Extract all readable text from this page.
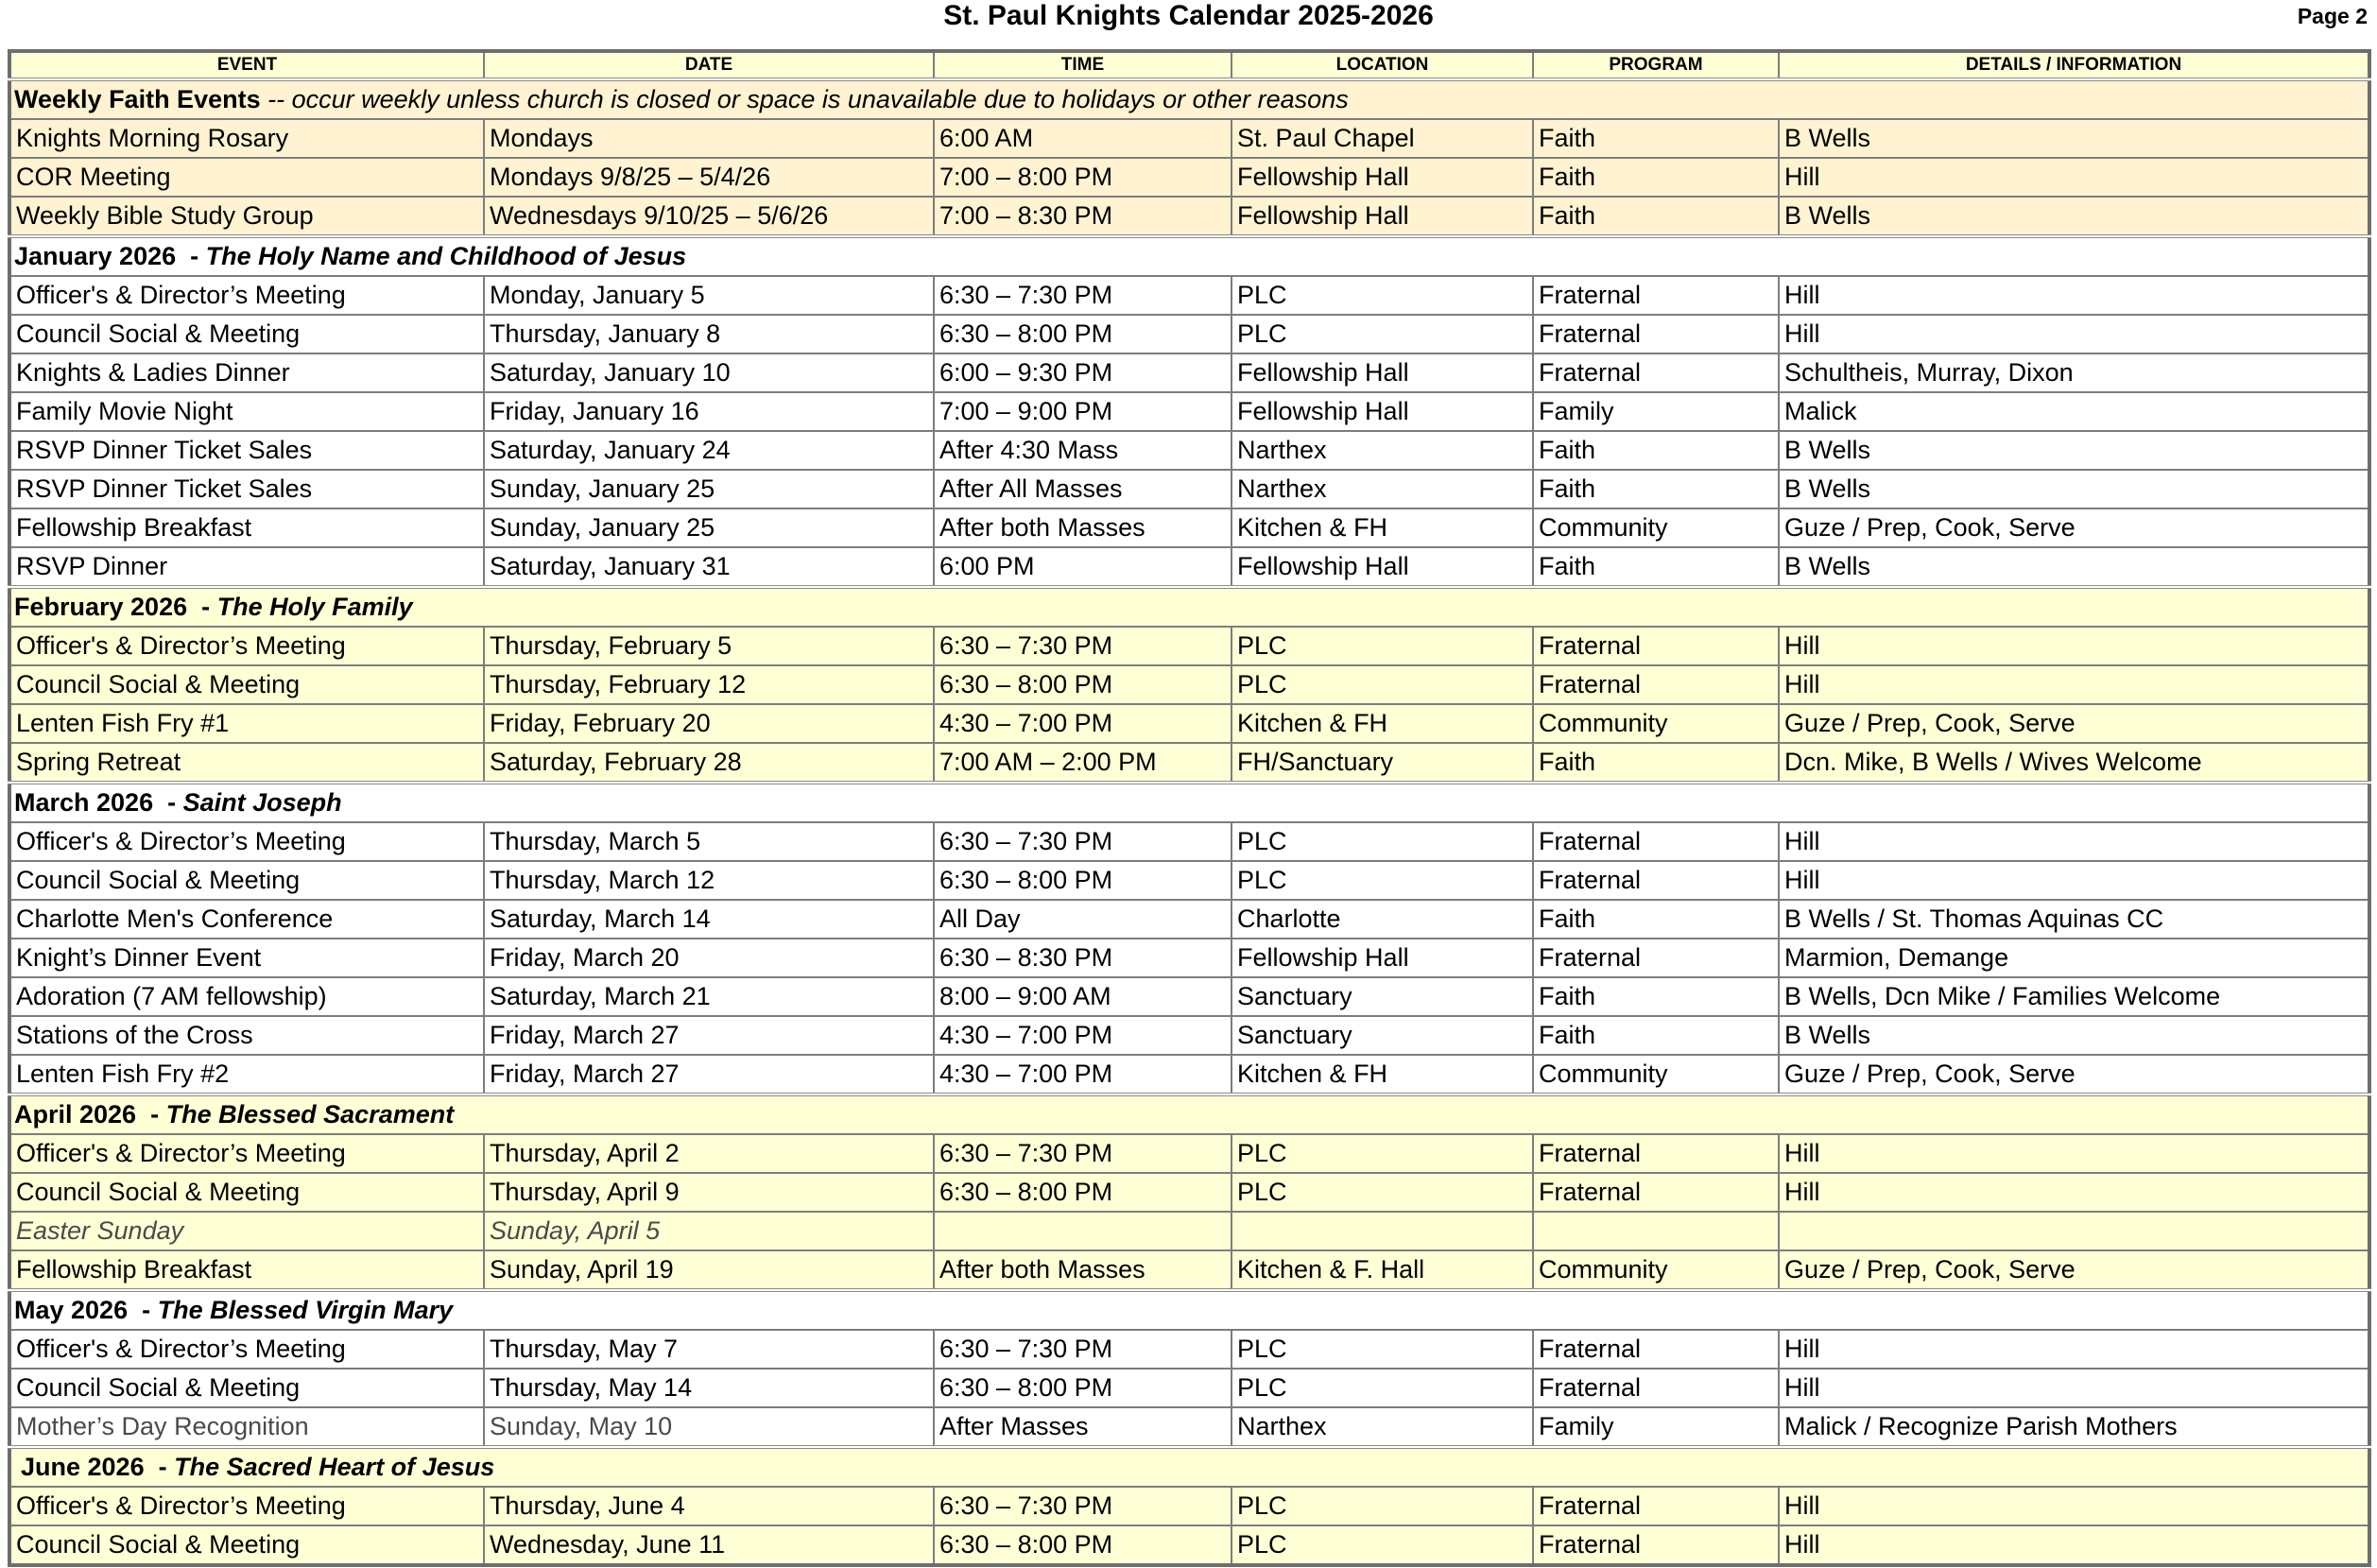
St. Paul Knights Calendar 2025-2026	Page 2
EVENT	DATE	TIME	LOCATION	PROGRAM	DETAILS / INFORMATION
Weekly Faith Events -- occur weekly unless church is closed or space is unavailable due to holidays or other reasons					
Knights Morning Rosary	Mondays	6:00 AM	St. Paul Chapel	Faith	B Wells
COR Meeting	Mondays 9/8/25 – 5/4/26	7:00 – 8:00 PM	Fellowship Hall	Faith	Hill
Weekly Bible Study Group	Wednesdays 9/10/25 – 5/6/26	7:00 – 8:30 PM	Fellowship Hall	Faith	B Wells
January 2026  - The Holy Name and Childhood of Jesus					
Officer's & Director’s Meeting	Monday, January 5	6:30 – 7:30 PM	PLC	Fraternal	Hill
Council Social & Meeting	Thursday, January 8	6:30 – 8:00 PM	PLC	Fraternal	Hill
Knights & Ladies Dinner	Saturday, January 10	6:00 – 9:30 PM	Fellowship Hall	Fraternal	Schultheis, Murray, Dixon
Family Movie Night	Friday, January 16	7:00 – 9:00 PM	Fellowship Hall	Family	Malick
RSVP Dinner Ticket Sales	Saturday, January 24	After 4:30 Mass	Narthex	Faith	B Wells
RSVP Dinner Ticket Sales	Sunday, January 25	After All Masses	Narthex	Faith	B Wells
Fellowship Breakfast	Sunday, January 25	After both Masses	Kitchen & FH	Community	Guze / Prep, Cook, Serve
RSVP Dinner	Saturday, January 31	6:00 PM	Fellowship Hall	Faith	B Wells
February 2026  - The Holy Family					
Officer's & Director’s Meeting	Thursday, February 5	6:30 – 7:30 PM	PLC	Fraternal	Hill
Council Social & Meeting	Thursday, February 12	6:30 – 8:00 PM	PLC	Fraternal	Hill
Lenten Fish Fry #1	Friday, February 20	4:30 – 7:00 PM	Kitchen & FH	Community	Guze / Prep, Cook, Serve
Spring Retreat	Saturday, February 28	7:00 AM – 2:00 PM	FH/Sanctuary	Faith	Dcn. Mike, B Wells / Wives Welcome
March 2026  - Saint Joseph					
Officer's & Director’s Meeting	Thursday, March 5	6:30 – 7:30 PM	PLC	Fraternal	Hill
Council Social & Meeting	Thursday, March 12	6:30 – 8:00 PM	PLC	Fraternal	Hill
Charlotte Men's Conference	Saturday, March 14	All Day	Charlotte	Faith	B Wells / St. Thomas Aquinas CC
Knight’s Dinner Event	Friday, March 20	6:30 – 8:30 PM	Fellowship Hall	Fraternal	Marmion, Demange
Adoration (7 AM fellowship)	Saturday, March 21	8:00 – 9:00 AM	Sanctuary	Faith	B Wells, Dcn Mike / Families Welcome
Stations of the Cross	Friday, March 27	4:30 – 7:00 PM	Sanctuary	Faith	B Wells
Lenten Fish Fry #2	Friday, March 27	4:30 – 7:00 PM	Kitchen & FH	Community	Guze / Prep, Cook, Serve
April 2026  - The Blessed Sacrament					
Officer's & Director’s Meeting	Thursday, April 2	6:30 – 7:30 PM	PLC	Fraternal	Hill
Council Social & Meeting	Thursday, April 9	6:30 – 8:00 PM	PLC	Fraternal	Hill
Easter Sunday	Sunday, April 5				
Fellowship Breakfast	Sunday, April 19	After both Masses	Kitchen & F. Hall	Community	Guze / Prep, Cook, Serve
May 2026  - The Blessed Virgin Mary					
Officer's & Director’s Meeting	Thursday, May 7	6:30 – 7:30 PM	PLC	Fraternal	Hill
Council Social & Meeting	Thursday, May 14	6:30 – 8:00 PM	PLC	Fraternal	Hill
Mother’s Day Recognition	Sunday, May 10	After Masses	Narthex	Family	Malick / Recognize Parish Mothers
June 2026  - The Sacred Heart of Jesus					
Officer's & Director’s Meeting	Thursday, June 4	6:30 – 7:30 PM	PLC	Fraternal	Hill
Council Social & Meeting	Wednesday, June 11	6:30 – 8:00 PM	PLC	Fraternal	Hill
